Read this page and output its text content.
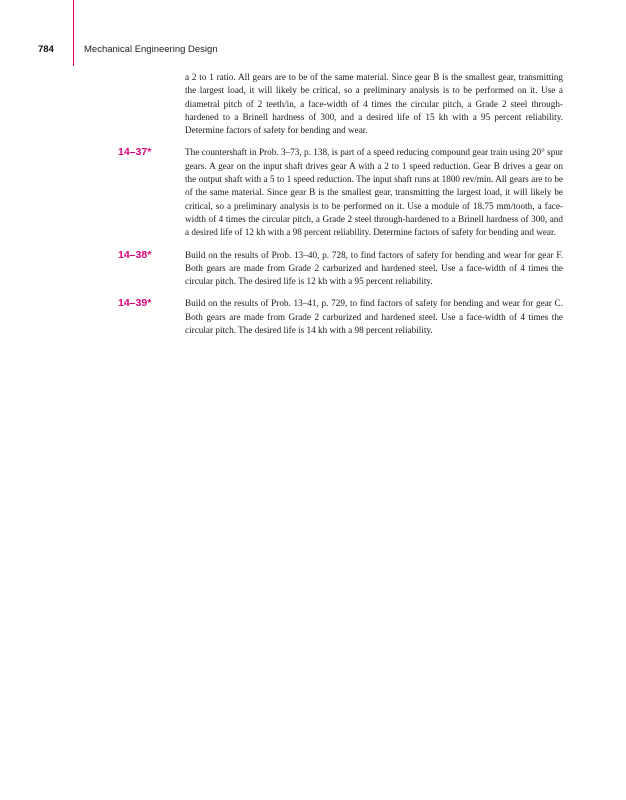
784	Mechanical Engineering Design

a 2 to 1 ratio. All gears are to be of the same material. Since gear B is the smallest gear, transmitting the largest load, it will likely be critical, so a preliminary analysis is to be performed on it. Use a diametral pitch of 2 teeth/in, a face-width of 4 times the circular pitch, a Grade 2 steel through-hardened to a Brinell hardness of 300, and a desired life of 15 kh with a 95 percent reliability. Determine factors of safety for bending and wear.

14–37*	The countershaft in Prob. 3–73, p. 138, is part of a speed reducing compound gear train using 20° spur gears. A gear on the input shaft drives gear A with a 2 to 1 speed reduction. Gear B drives a gear on the output shaft with a 5 to 1 speed reduction. The input shaft runs at 1800 rev/min. All gears are to be of the same material. Since gear B is the smallest gear, transmitting the largest load, it will likely be critical, so a preliminary analysis is to be performed on it. Use a module of 18.75 mm/tooth, a face-width of 4 times the circular pitch, a Grade 2 steel through-hardened to a Brinell hardness of 300, and a desired life of 12 kh with a 98 percent reliability. Determine factors of safety for bending and wear.

14–38*	Build on the results of Prob. 13–40, p. 728, to find factors of safety for bending and wear for gear F. Both gears are made from Grade 2 carburized and hardened steel. Use a face-width of 4 times the circular pitch. The desired life is 12 kh with a 95 percent reliability.

14–39*	Build on the results of Prob. 13–41, p. 729, to find factors of safety for bending and wear for gear C. Both gears are made from Grade 2 carburized and hardened steel. Use a face-width of 4 times the circular pitch. The desired life is 14 kh with a 98 percent reliability.
